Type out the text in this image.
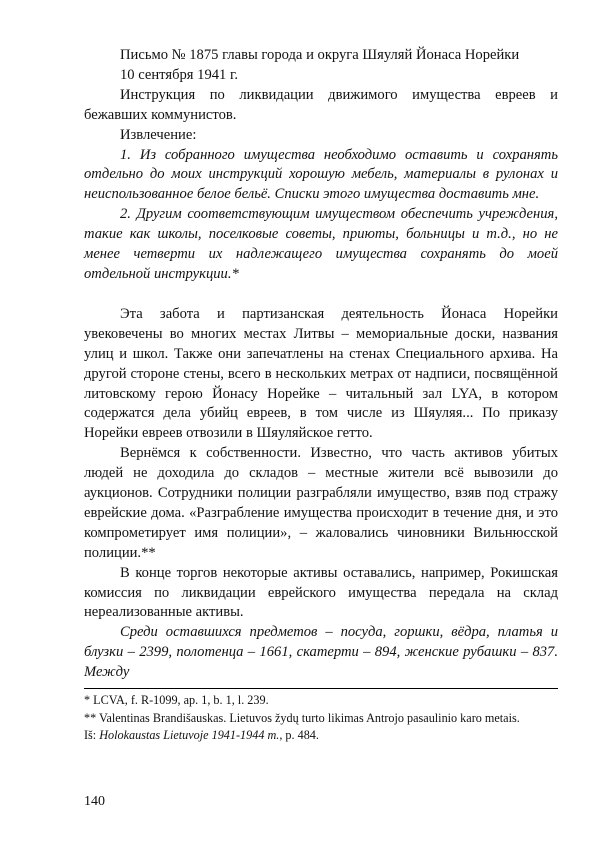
Письмо № 1875 главы города и округа Шяуляй Йонаса Норейки

10 сентября 1941 г.

Инструкция по ликвидации движимого имущества евреев и бежавших коммунистов.

Извлечение:

1. Из собранного имущества необходимо оставить и сохранять отдельно до моих инструкций хорошую мебель, материалы в рулонах и неиспользованное белое бельё. Списки этого имущества доставить мне.

2. Другим соответствующим имуществом обеспечить учреждения, такие как школы, поселковые советы, приюты, больницы и т.д., но не менее четверти их надлежащего имущества сохранять до моей отдельной инструкции.*

Эта забота и партизанская деятельность Йонаса Норейки увековечены во многих местах Литвы – мемориальные доски, названия улиц и школ. Также они запечатлены на стенах Специального архива. На другой стороне стены, всего в нескольких метрах от надписи, посвящённой литовскому герою Йонасу Норейке – читальный зал LYA, в котором содержатся дела убийц евреев, в том числе из Шяуляя... По приказу Норейки евреев отвозили в Шяуляйское гетто.

Вернёмся к собственности. Известно, что часть активов убитых людей не доходила до складов – местные жители всё вывозили до аукционов. Сотрудники полиции разграбляли имущество, взяв под стражу еврейские дома. «Разграбление имущества происходит в течение дня, и это компрометирует имя полиции», – жаловались чиновники Вильнюсской полиции.**

В конце торгов некоторые активы оставались, например, Рокишская комиссия по ликвидации еврейского имущества передала на склад нереализованные активы.

Среди оставшихся предметов – посуда, горшки, вёдра, платья и блузки – 2399, полотенца – 1661, скатерти – 894, женские рубашки – 837. Между

* LCVA, f. R-1099, ap. 1, b. 1, l. 239.
** Valentinas Brandišauskas. Lietuvos žydų turto likimas Antrojo pasaulinio karo metais.
Iš: Holokaustas Lietuvoje 1941-1944 m., p. 484.
140
